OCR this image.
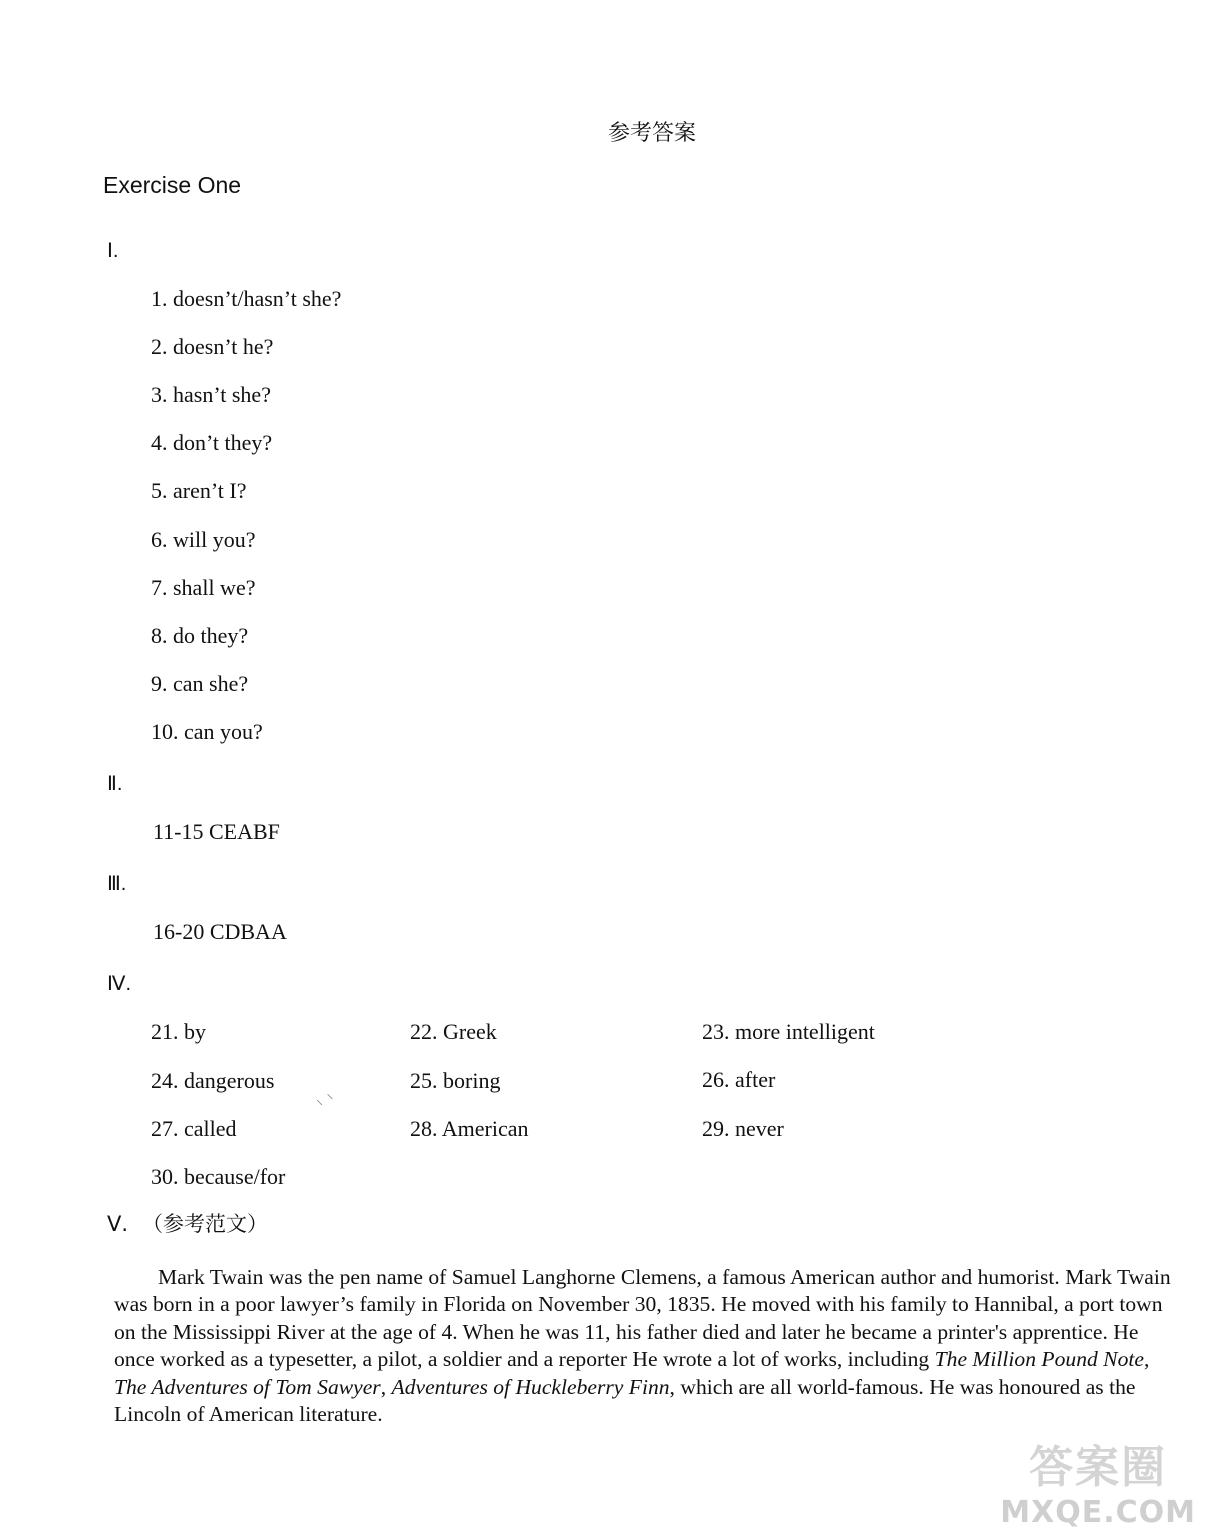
参考答案
Exercise One
Ⅰ.
1. doesn’t/hasn’t she?
2. doesn’t he?
3. hasn’t she?
4. don’t they?
5. aren’t I?
6. will you?
7. shall we?
8. do they?
9. can she?
10. can you?
Ⅱ.
11-15 CEABF
Ⅲ.
16-20 CDBAA
Ⅳ.
21. by	22. Greek	23. more intelligent
24. dangerous	25. boring	26. after
27. called	28. American	29. never
30. because/for
⸜ ⸌
Ⅴ. （参考范文）

Mark Twain was the pen name of Samuel Langhorne Clemens, a famous American author and humorist. Mark Twain was born in a poor lawyer’s family in Florida on November 30, 1835. He moved with his family to Hannibal, a port town on the Mississippi River at the age of 4. When he was 11, his father died and later he became a printer's apprentice. He once worked as a typesetter, a pilot, a soldier and a reporter He wrote a lot of works, including The Million Pound Note, The Adventures of Tom Sawyer, Adventures of Huckleberry Finn, which are all world-famous. He was honoured as the Lincoln of American literature.

答案圈
MXQE.COM
